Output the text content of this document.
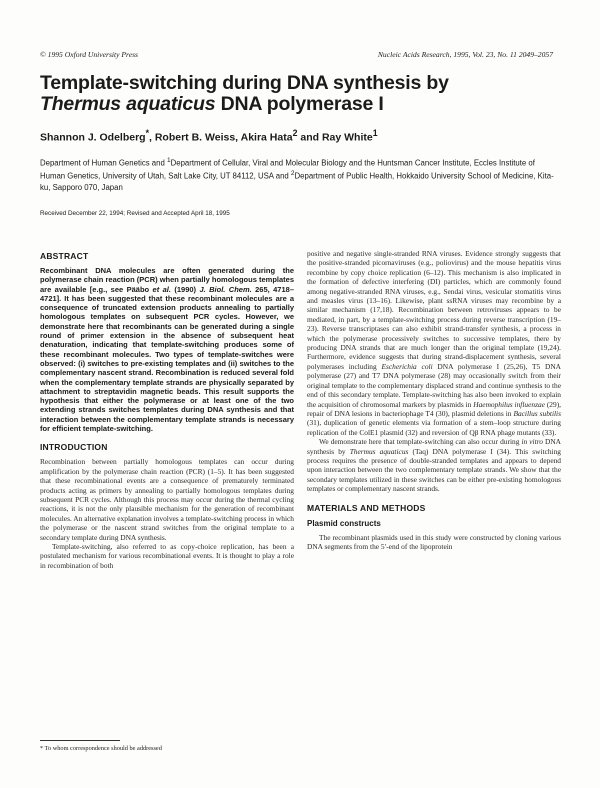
© 1995 Oxford University Press	Nucleic Acids Research, 1995, Vol. 23, No. 11 2049–2057
Template-switching during DNA synthesis by
Thermus aquaticus DNA polymerase I
Shannon J. Odelberg*, Robert B. Weiss, Akira Hata$^2$ and Ray White$^1$
Department of Human Genetics and $^1$Department of Cellular, Viral and Molecular Biology and the Huntsman Cancer Institute, Eccles Institute of Human Genetics, University of Utah, Salt Lake City, UT 84112, USA and $^2$Department of Public Health, Hokkaido University School of Medicine, Kita-ku, Sapporo 070, Japan
Received December 22, 1994; Revised and Accepted April 18, 1995
ABSTRACT

Recombinant DNA molecules are often generated during the polymerase chain reaction (PCR) when partially homologous templates are available [e.g., see Pääbo et al. (1990) J. Biol. Chem. 265, 4718–4721]. It has been suggested that these recombinant molecules are a consequence of truncated extension products annealing to partially homologous templates on subsequent PCR cycles. However, we demonstrate here that recombinants can be generated during a single round of primer extension in the absence of subsequent heat denaturation, indicating that template-switching produces some of these recombinant molecules. Two types of template-switches were observed: (i) switches to pre-existing templates and (ii) switches to the complementary nascent strand. Recombination is reduced several fold when the complementary template strands are physically separated by attachment to streptavidin magnetic beads. This result supports the hypothesis that either the polymerase or at least one of the two extending strands switches templates during DNA synthesis and that interaction between the complementary template strands is necessary for efficient template-switching.

INTRODUCTION

Recombination between partially homologous templates can occur during amplification by the polymerase chain reaction (PCR) (1–5). It has been suggested that these recombinational events are a consequence of prematurely terminated products acting as primers by annealing to partially homologous templates during subsequent PCR cycles. Although this process may occur during the thermal cycling reactions, it is not the only plausible mechanism for the generation of recombinant molecules. An alternative explanation involves a template-switching process in which the polymerase or the nascent strand switches from the original template to a secondary template during DNA synthesis.

Template-switching, also referred to as copy-choice replication, has been a postulated mechanism for various recombinational events. It is thought to play a role in recombination of both

positive and negative single-stranded RNA viruses. Evidence strongly suggests that the positive-stranded picornaviruses (e.g., poliovirus) and the mouse hepatitis virus recombine by copy choice replication (6–12). This mechanism is also implicated in the formation of defective interfering (DI) particles, which are commonly found among negative-stranded RNA viruses, e.g., Sendai virus, vesicular stomatitis virus and measles virus (13–16). Likewise, plant ssRNA viruses may recombine by a similar mechanism (17,18). Recombination between retroviruses appears to be mediated, in part, by a template-switching process during reverse transcription (19–23). Reverse transcriptases can also exhibit strand-transfer synthesis, a process in which the polymerase processively switches to successive templates, there by producing DNA strands that are much longer than the original template (19,24). Furthermore, evidence suggests that during strand-displacement synthesis, several polymerases including Escherichia coli DNA polymerase I (25,26), T5 DNA polymerase (27) and T7 DNA polymerase (28) may occasionally switch from their original template to the complementary displaced strand and continue synthesis to the end of this secondary template. Template-switching has also been invoked to explain the acquisition of chromosomal markers by plasmids in Haemophilus influenzae (29), repair of DNA lesions in bacteriophage T4 (30), plasmid deletions in Bacillus subtilis (31), duplication of genetic elements via formation of a stem–loop structure during replication of the ColE1 plasmid (32) and reversion of Qβ RNA phage mutants (33).

We demonstrate here that template-switching can also occur during in vitro DNA synthesis by Thermus aquaticus (Taq) DNA polymerase I (34). This switching process requires the presence of double-stranded templates and appears to depend upon interaction between the two complementary template strands. We show that the secondary templates utilized in these switches can be either pre-existing homologous templates or complementary nascent strands.

MATERIALS AND METHODS
Plasmid constructs

The recombinant plasmids used in this study were constructed by cloning various DNA segments from the 5′-end of the lipoprotein

* To whom correspondence should be addressed
